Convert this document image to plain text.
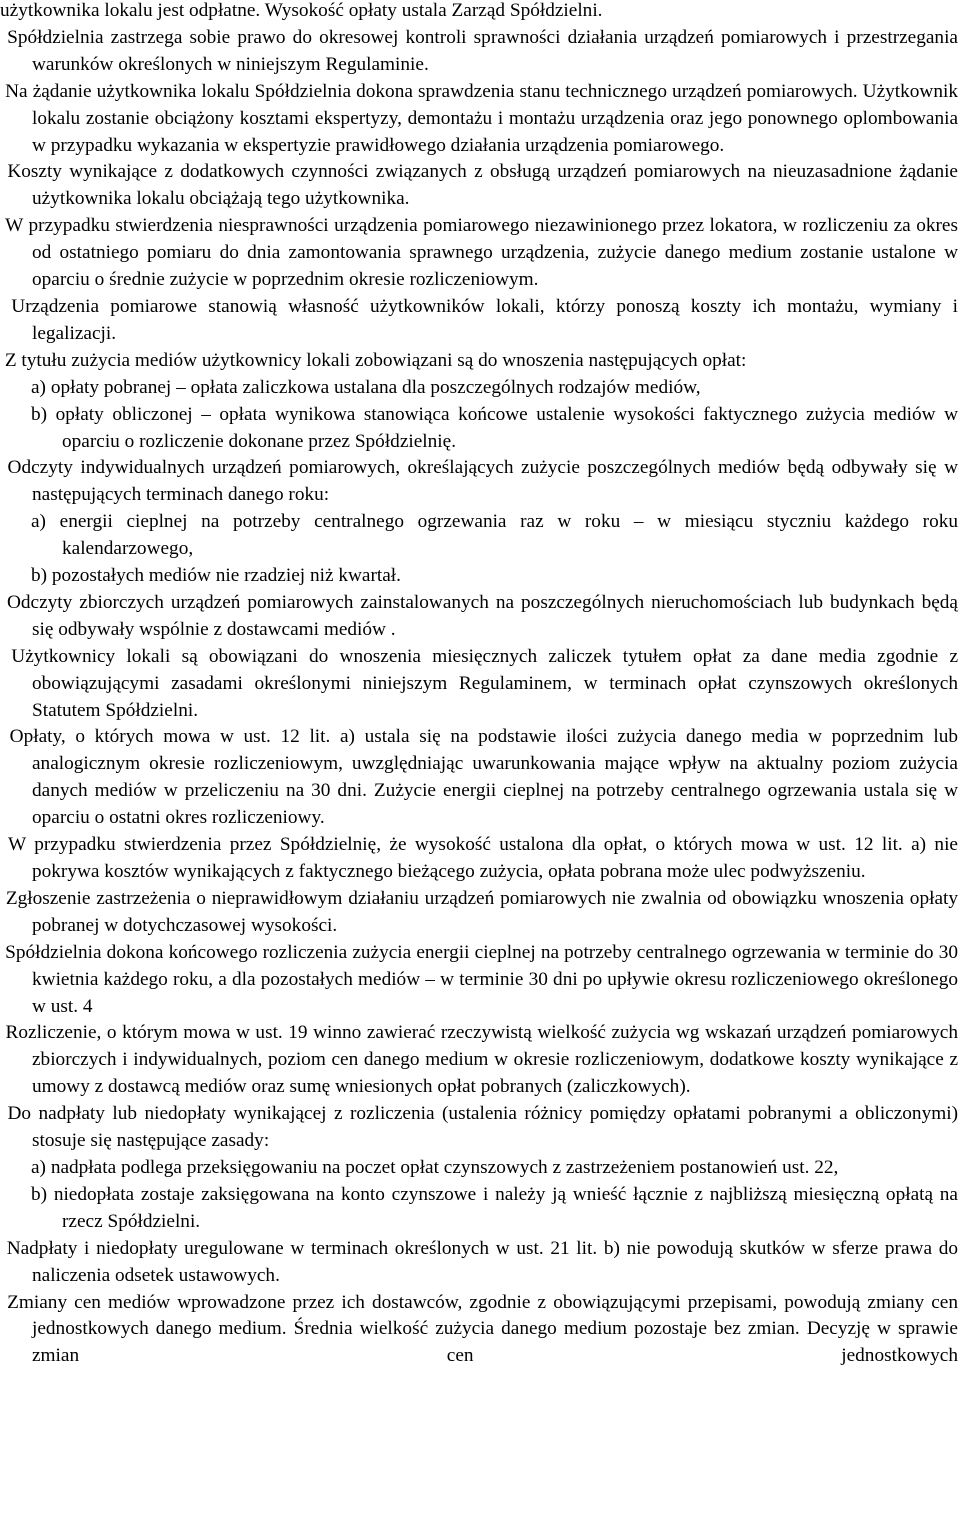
użytkownika lokalu jest odpłatne. Wysokość opłaty ustala Zarząd Spółdzielni.

Spółdzielnia zastrzega sobie prawo do okresowej kontroli sprawności działania urządzeń pomiarowych i przestrzegania warunków określonych w niniejszym Regulaminie.

Na żądanie użytkownika lokalu Spółdzielnia dokona sprawdzenia stanu technicznego urządzeń pomiarowych. Użytkownik lokalu zostanie obciążony kosztami ekspertyzy, demontażu i montażu urządzenia oraz jego ponownego oplombowania w przypadku wykazania w ekspertyzie prawidłowego działania urządzenia pomiarowego.

Koszty wynikające z dodatkowych czynności związanych z obsługą urządzeń pomiarowych na nieuzasadnione żądanie użytkownika lokalu obciążają tego użytkownika.

W przypadku stwierdzenia niesprawności urządzenia pomiarowego niezawinionego przez lokatora, w rozliczeniu za okres od ostatniego pomiaru do dnia zamontowania sprawnego urządzenia, zużycie danego medium zostanie ustalone w oparciu o średnie zużycie w poprzednim okresie rozliczeniowym.

Urządzenia pomiarowe stanowią własność użytkowników lokali, którzy ponoszą koszty ich montażu, wymiany i legalizacji.

Z tytułu zużycia mediów użytkownicy lokali zobowiązani są do wnoszenia następujących opłat:

a) opłaty pobranej – opłata zaliczkowa ustalana dla poszczególnych rodzajów mediów,

b) opłaty obliczonej – opłata wynikowa stanowiąca końcowe ustalenie wysokości faktycznego zużycia mediów w oparciu o rozliczenie dokonane przez Spółdzielnię.

Odczyty indywidualnych urządzeń pomiarowych, określających zużycie poszczególnych mediów będą odbywały się w następujących terminach danego roku:

a) energii cieplnej na potrzeby centralnego ogrzewania raz w roku – w miesiącu styczniu każdego roku kalendarzowego,

b) pozostałych mediów nie rzadziej niż kwartał.

Odczyty zbiorczych urządzeń pomiarowych zainstalowanych na poszczególnych nieruchomościach lub budynkach będą się odbywały wspólnie z dostawcami mediów .

Użytkownicy lokali są obowiązani do wnoszenia miesięcznych zaliczek tytułem opłat za dane media zgodnie z obowiązującymi zasadami określonymi niniejszym Regulaminem, w terminach opłat czynszowych określonych Statutem Spółdzielni.

Opłaty, o których mowa w ust. 12 lit. a) ustala się na podstawie ilości zużycia danego media w poprzednim lub analogicznym okresie rozliczeniowym, uwzględniając uwarunkowania mające wpływ na aktualny poziom zużycia danych mediów w przeliczeniu na 30 dni. Zużycie energii cieplnej na potrzeby centralnego ogrzewania ustala się w oparciu o ostatni okres rozliczeniowy.

W przypadku stwierdzenia przez Spółdzielnię, że wysokość ustalona dla opłat, o których mowa w ust. 12 lit. a) nie pokrywa kosztów wynikających z faktycznego bieżącego zużycia, opłata pobrana może ulec podwyższeniu.

Zgłoszenie zastrzeżenia o nieprawidłowym działaniu urządzeń pomiarowych nie zwalnia od obowiązku wnoszenia opłaty pobranej w dotychczasowej wysokości.

Spółdzielnia dokona końcowego rozliczenia zużycia energii cieplnej na potrzeby centralnego ogrzewania w terminie do 30 kwietnia każdego roku, a dla pozostałych mediów – w terminie 30 dni po upływie okresu rozliczeniowego określonego w ust. 4

Rozliczenie, o którym mowa w ust. 19 winno zawierać rzeczywistą wielkość zużycia wg wskazań urządzeń pomiarowych zbiorczych i indywidualnych, poziom cen danego medium w okresie rozliczeniowym, dodatkowe koszty wynikające z umowy z dostawcą mediów oraz sumę wniesionych opłat pobranych (zaliczkowych).

Do nadpłaty lub niedopłaty wynikającej z rozliczenia (ustalenia różnicy pomiędzy opłatami pobranymi a obliczonymi) stosuje się następujące zasady:

a) nadpłata podlega przeksięgowaniu na poczet opłat czynszowych z zastrzeżeniem postanowień ust. 22,

b) niedopłata zostaje zaksięgowana na konto czynszowe i należy ją wnieść łącznie z najbliższą miesięczną opłatą na rzecz Spółdzielni.

Nadpłaty i niedopłaty uregulowane w terminach określonych w ust. 21 lit. b) nie powodują skutków w sferze prawa do naliczenia odsetek ustawowych.

Zmiany cen mediów wprowadzone przez ich dostawców, zgodnie z obowiązującymi przepisami, powodują zmiany cen jednostkowych danego medium. Średnia wielkość zużycia danego medium pozostaje bez zmian. Decyzję w sprawie zmian cen jednostkowych
